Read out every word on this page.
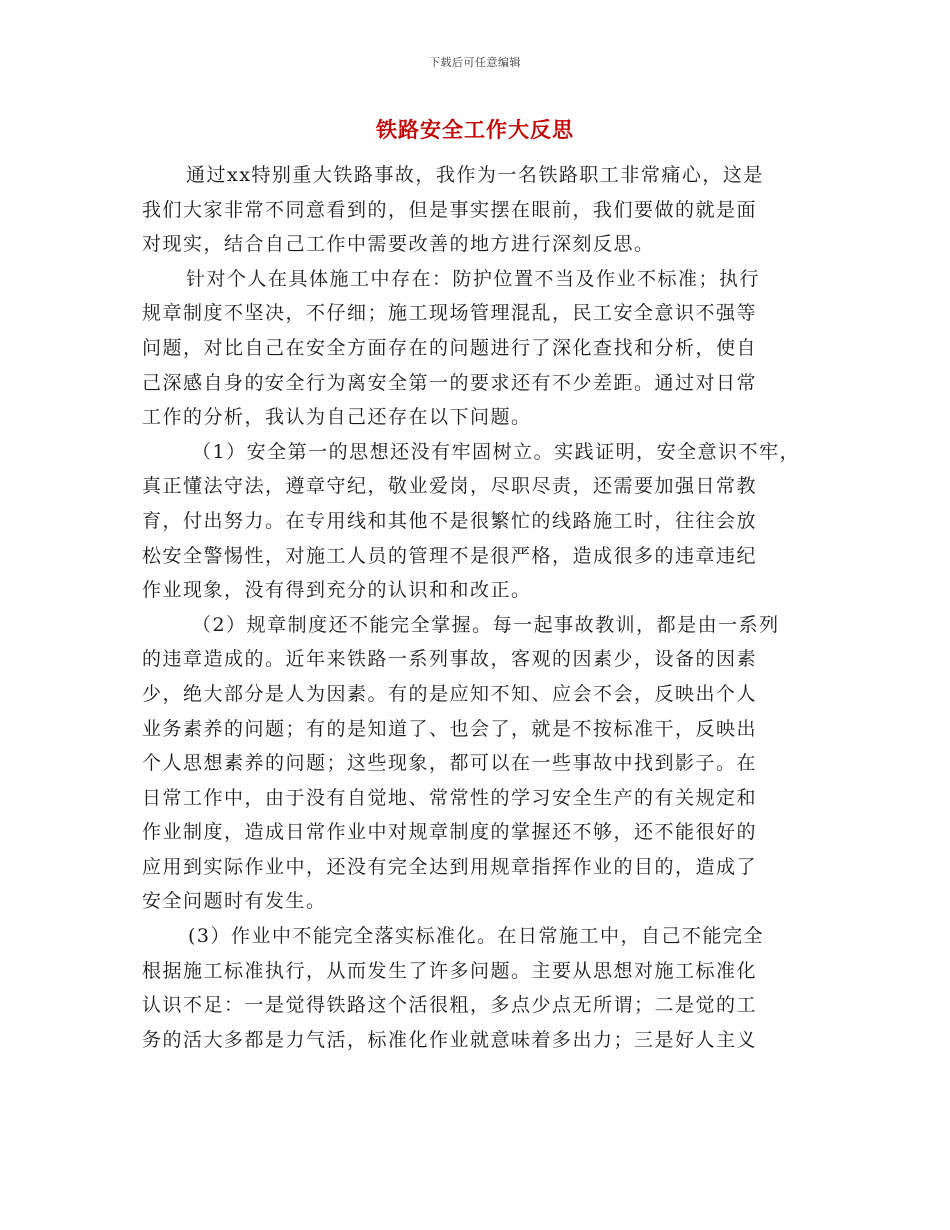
下载后可任意编辑
铁路安全工作大反思
通过xx特别重大铁路事故，我作为一名铁路职工非常痛心，这是
我们大家非常不同意看到的，但是事实摆在眼前，我们要做的就是面
对现实，结合自己工作中需要改善的地方进行深刻反思。
针对个人在具体施工中存在：防护位置不当及作业不标准；执行
规章制度不坚决，不仔细；施工现场管理混乱，民工安全意识不强等
问题，对比自己在安全方面存在的问题进行了深化查找和分析，使自
己深感自身的安全行为离安全第一的要求还有不少差距。通过对日常
工作的分析，我认为自己还存在以下问题。
（1）安全第一的思想还没有牢固树立。实践证明，安全意识不牢，
真正懂法守法，遵章守纪，敬业爱岗，尽职尽责，还需要加强日常教
育，付出努力。在专用线和其他不是很繁忙的线路施工时，往往会放
松安全警惕性，对施工人员的管理不是很严格，造成很多的违章违纪
作业现象，没有得到充分的认识和和改正。
（2）规章制度还不能完全掌握。每一起事故教训，都是由一系列
的违章造成的。近年来铁路一系列事故，客观的因素少，设备的因素
少，绝大部分是人为因素。有的是应知不知、应会不会，反映出个人
业务素养的问题；有的是知道了、也会了，就是不按标准干，反映出
个人思想素养的问题；这些现象，都可以在一些事故中找到影子。在
日常工作中，由于没有自觉地、常常性的学习安全生产的有关规定和
作业制度，造成日常作业中对规章制度的掌握还不够，还不能很好的
应用到实际作业中，还没有完全达到用规章指挥作业的目的，造成了
安全问题时有发生。
(3）作业中不能完全落实标准化。在日常施工中，自己不能完全
根据施工标准执行，从而发生了许多问题。主要从思想对施工标准化
认识不足：一是觉得铁路这个活很粗，多点少点无所谓；二是觉的工
务的活大多都是力气活，标准化作业就意味着多出力；三是好人主义
